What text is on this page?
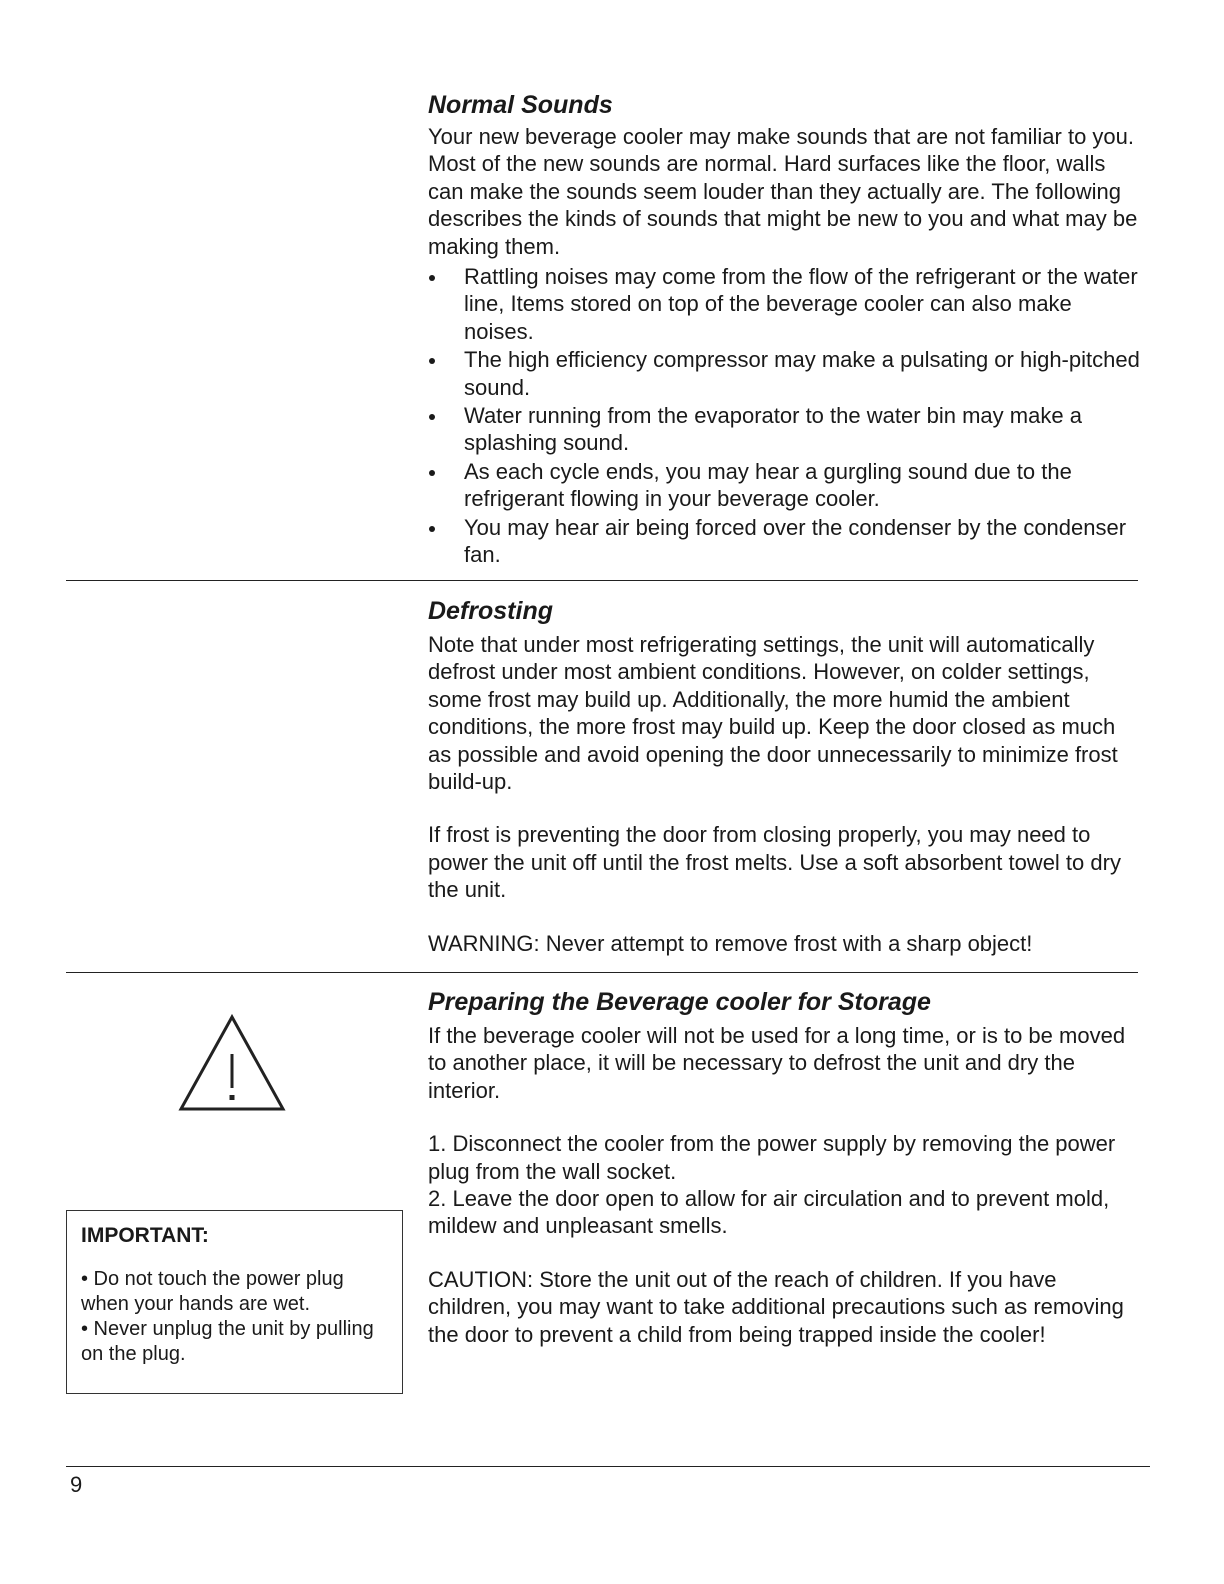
Normal Sounds

Your new beverage cooler may make sounds that are not familiar to you. Most of the new sounds are normal. Hard surfaces like the floor, walls can make the sounds seem louder than they actually are. The following describes the kinds of sounds that might be new to you and what may be making them.

Rattling noises may come from the flow of the refrigerant or the water line, Items stored on top of the beverage cooler can also make noises.
The high efficiency compressor may make a pulsating or high-pitched sound.
Water running from the evaporator to the water bin may make a splashing sound.
As each cycle ends, you may hear a gurgling sound due to the refrigerant flowing in your beverage cooler.
You may hear air being forced over the condenser by the condenser fan.
Defrosting

Note that under most refrigerating settings, the unit will automatically defrost under most ambient conditions. However, on colder settings, some frost may build up. Additionally, the more humid the ambient conditions, the more frost may build up. Keep the door closed as much as possible and avoid opening the door unnecessarily to minimize frost build-up.

If frost is preventing the door from closing properly, you may need to power the unit off until the frost melts. Use a soft absorbent towel to dry the unit.

WARNING: Never attempt to remove frost with a sharp object!

Preparing the Beverage cooler for Storage

If the beverage cooler will not be used for a long time, or is to be moved to another place, it will be necessary to defrost the unit and dry the interior.

1. Disconnect the cooler from the power supply by removing the power plug from the wall socket.

2. Leave the door open to allow for air circulation and to prevent mold, mildew and unpleasant smells.

CAUTION: Store the unit out of the reach of children. If you have children, you may want to take additional precautions such as removing the door to prevent a child from being trapped inside the cooler!

IMPORTANT:

• Do not touch the power plug when your hands are wet.

• Never unplug the unit by pulling on the plug.

9
